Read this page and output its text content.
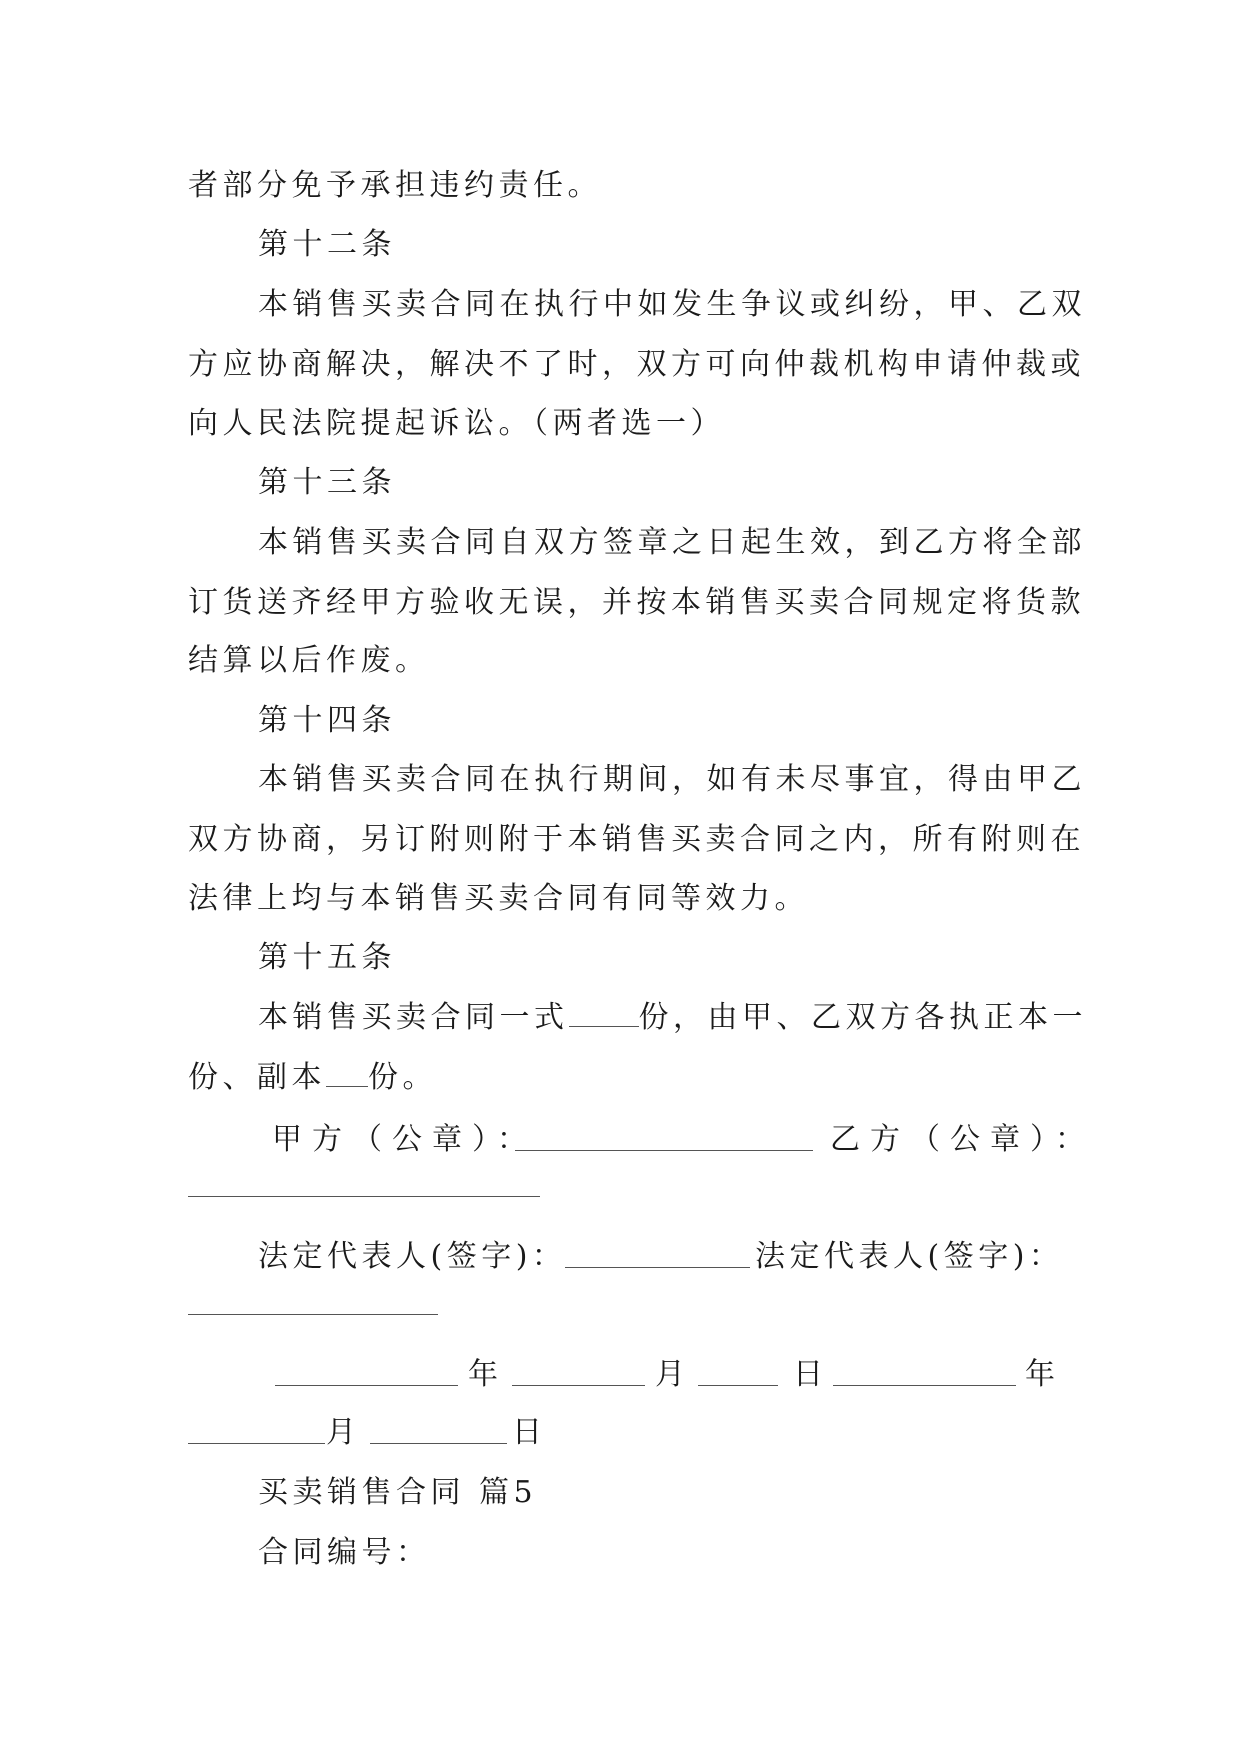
者部分免予承担违约责任。
第十二条
本销售买卖合同在执行中如发生争议或纠纷，甲、乙双
方应协商解决，解决不了时，双方可向仲裁机构申请仲裁或
向人民法院提起诉讼。（两者选一）
第十三条
本销售买卖合同自双方签章之日起生效，到乙方将全部
订货送齐经甲方验收无误，并按本销售买卖合同规定将货款
结算以后作废。
第十四条
本销售买卖合同在执行期间，如有未尽事宜，得由甲乙
双方协商，另订附则附于本销售买卖合同之内，所有附则在
法律上均与本销售买卖合同有同等效力。
第十五条
本销售买卖合同一式 份，由甲、乙双方各执正本一
份、副本 份。
甲方（公章）：	乙方（公章）：
法定代表人(签字)：	法定代表人(签字)：
年	月	日	年
月	日
买卖销售合同 篇5
合同编号：
